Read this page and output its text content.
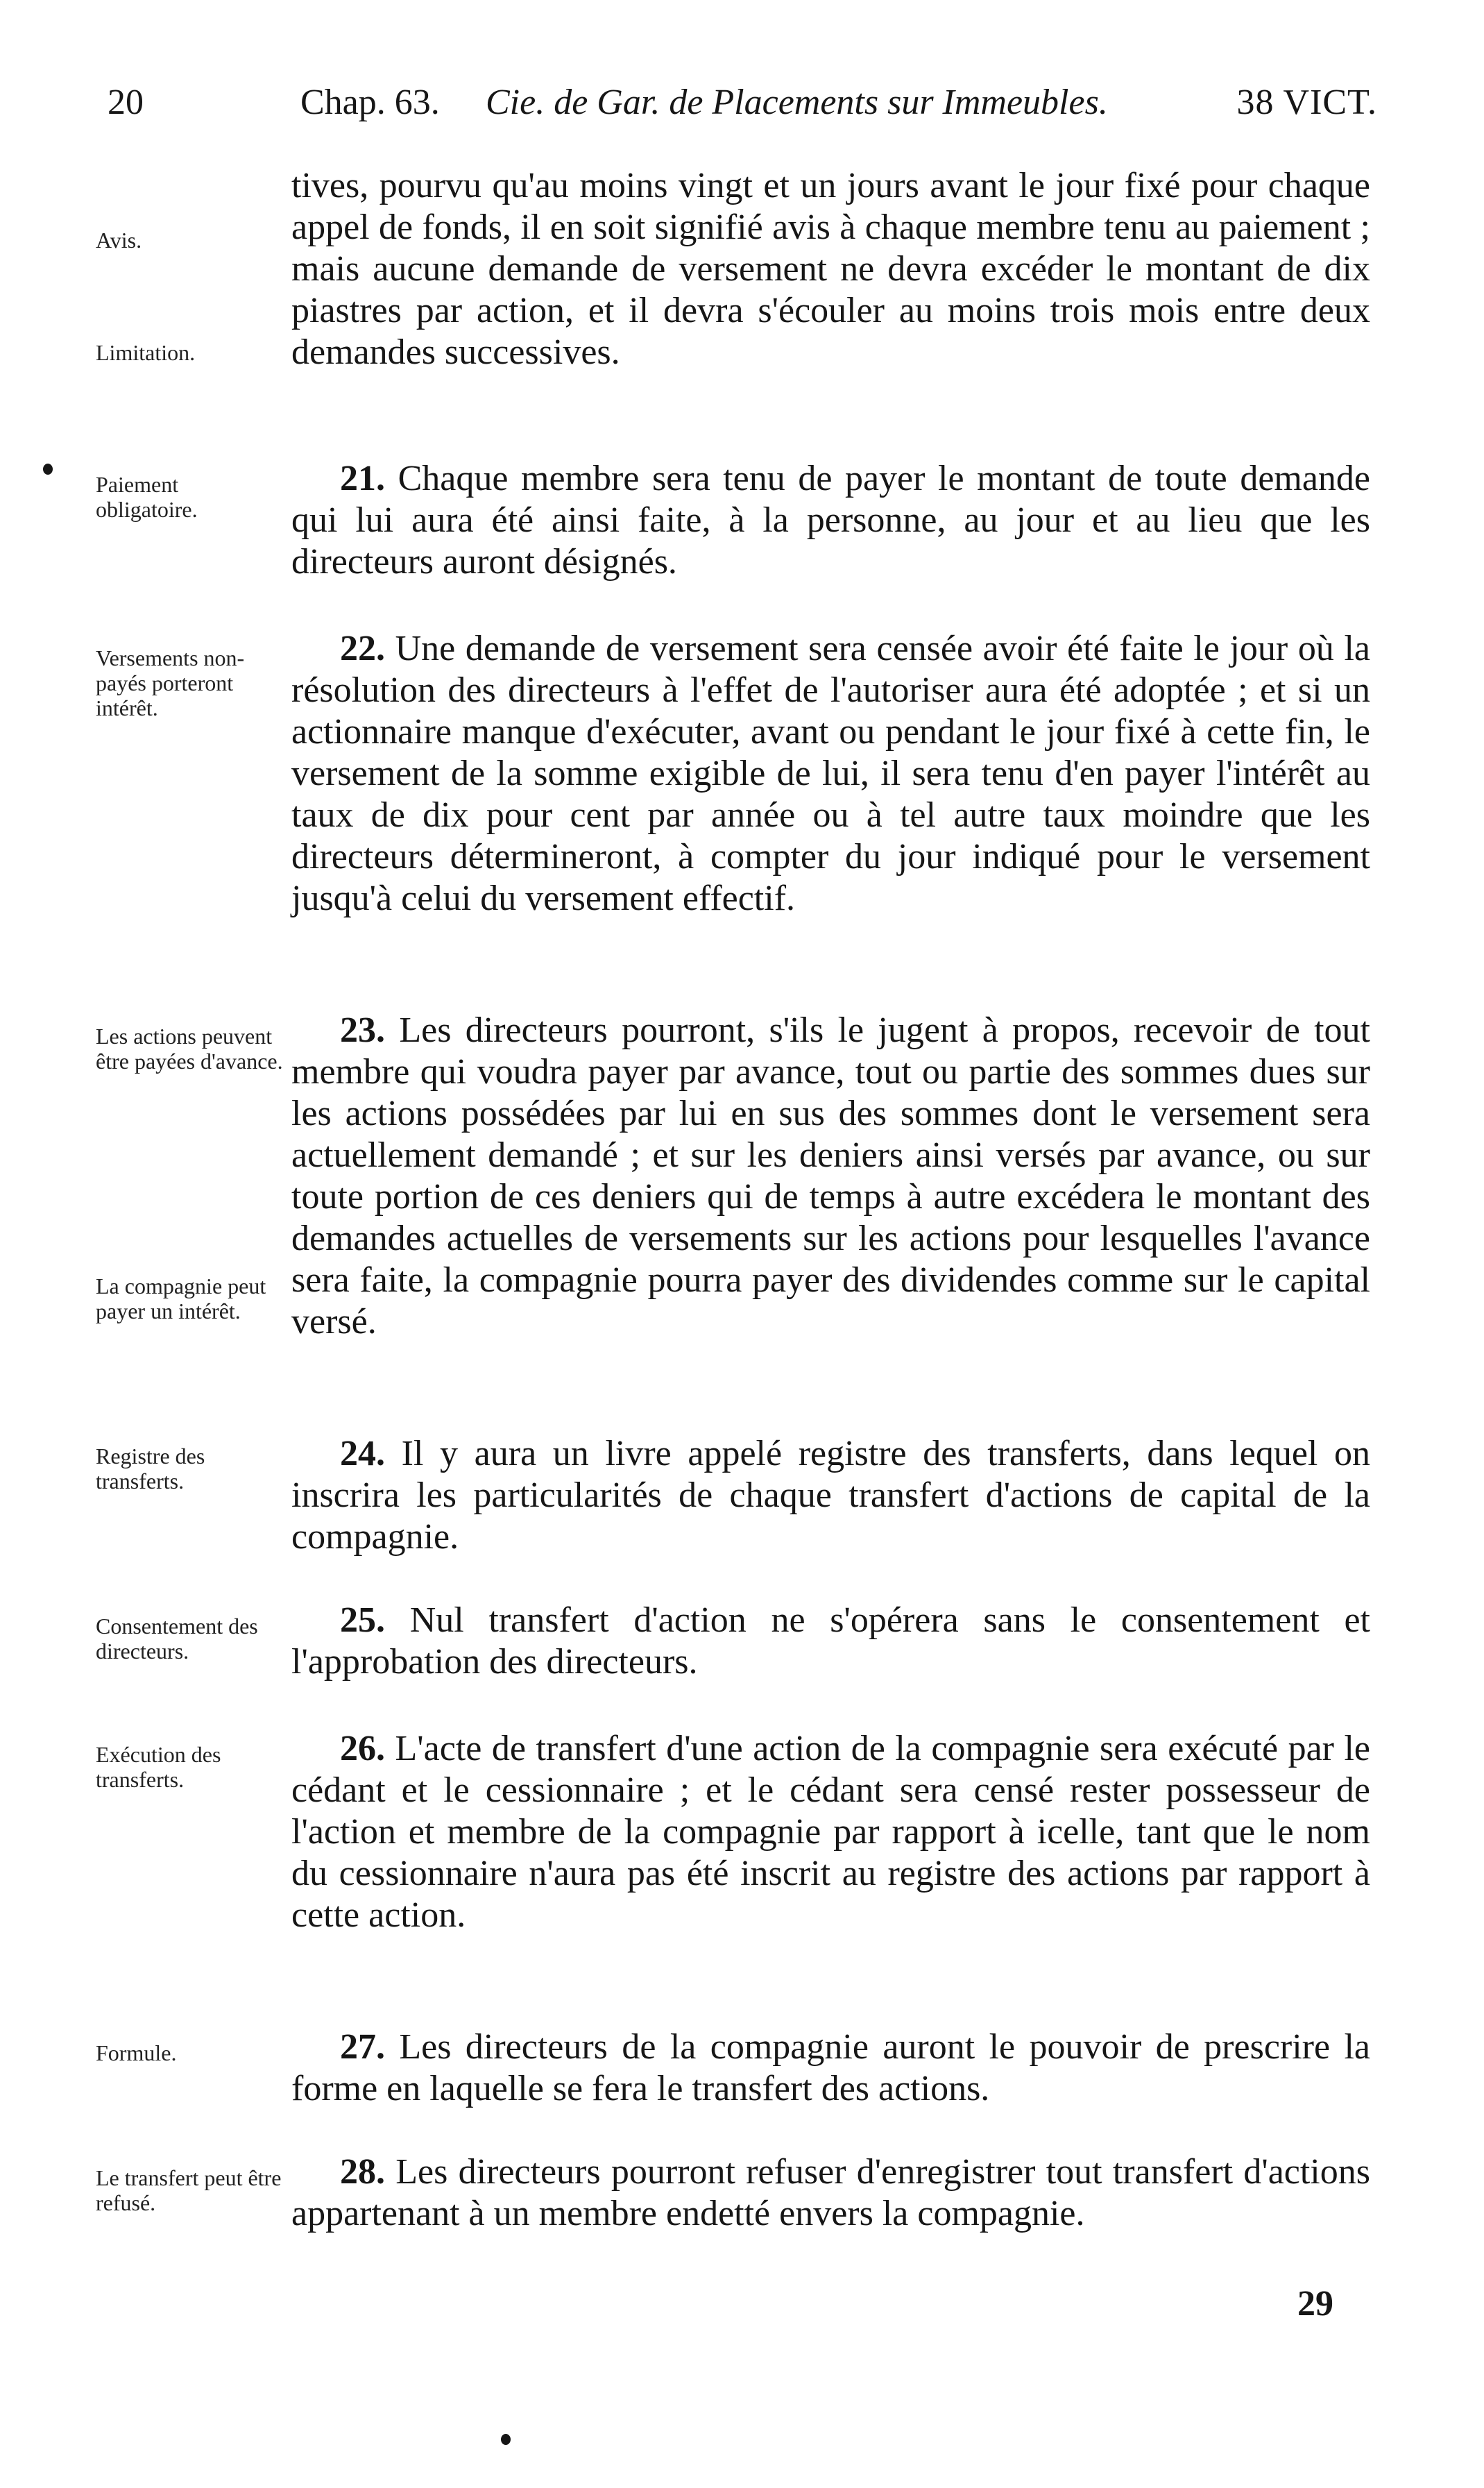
20	Chap. 63. Cie. de Gar. de Placements sur Immeubles.	38 VICT.
Avis.
Limitation.
Paiement obligatoire.
Versements non-payés porteront intérêt.
Les actions peuvent être payées d'avance.
La compagnie peut payer un intérêt.
Registre des transferts.
Consentement des directeurs.
Exécution des transferts.
Formule.
Le transfert peut être refusé.
tives, pourvu qu'au moins vingt et un jours avant le jour fixé pour chaque appel de fonds, il en soit signifié avis à chaque membre tenu au paiement ; mais aucune demande de versement ne devra excéder le montant de dix piastres par action, et il devra s'écouler au moins trois mois entre deux demandes successives.
21. Chaque membre sera tenu de payer le montant de toute demande qui lui aura été ainsi faite, à la personne, au jour et au lieu que les directeurs auront désignés.
22. Une demande de versement sera censée avoir été faite le jour où la résolution des directeurs à l'effet de l'autoriser aura été adoptée ; et si un actionnaire manque d'exécuter, avant ou pendant le jour fixé à cette fin, le versement de la somme exigible de lui, il sera tenu d'en payer l'intérêt au taux de dix pour cent par année ou à tel autre taux moindre que les directeurs détermineront, à compter du jour indiqué pour le versement jusqu'à celui du versement effectif.
23. Les directeurs pourront, s'ils le jugent à propos, recevoir de tout membre qui voudra payer par avance, tout ou partie des sommes dues sur les actions possédées par lui en sus des sommes dont le versement sera actuellement demandé ; et sur les deniers ainsi versés par avance, ou sur toute portion de ces deniers qui de temps à autre excédera le montant des demandes actuelles de versements sur les actions pour lesquelles l'avance sera faite, la compagnie pourra payer des dividendes comme sur le capital versé.
24. Il y aura un livre appelé registre des transferts, dans lequel on inscrira les particularités de chaque transfert d'actions de capital de la compagnie.
25. Nul transfert d'action ne s'opérera sans le consentement et l'approbation des directeurs.
26. L'acte de transfert d'une action de la compagnie sera exécuté par le cédant et le cessionnaire ; et le cédant sera censé rester possesseur de l'action et membre de la compagnie par rapport à icelle, tant que le nom du cessionnaire n'aura pas été inscrit au registre des actions par rapport à cette action.
27. Les directeurs de la compagnie auront le pouvoir de prescrire la forme en laquelle se fera le transfert des actions.
28. Les directeurs pourront refuser d'enregistrer tout transfert d'actions appartenant à un membre endetté envers la compagnie.
29
